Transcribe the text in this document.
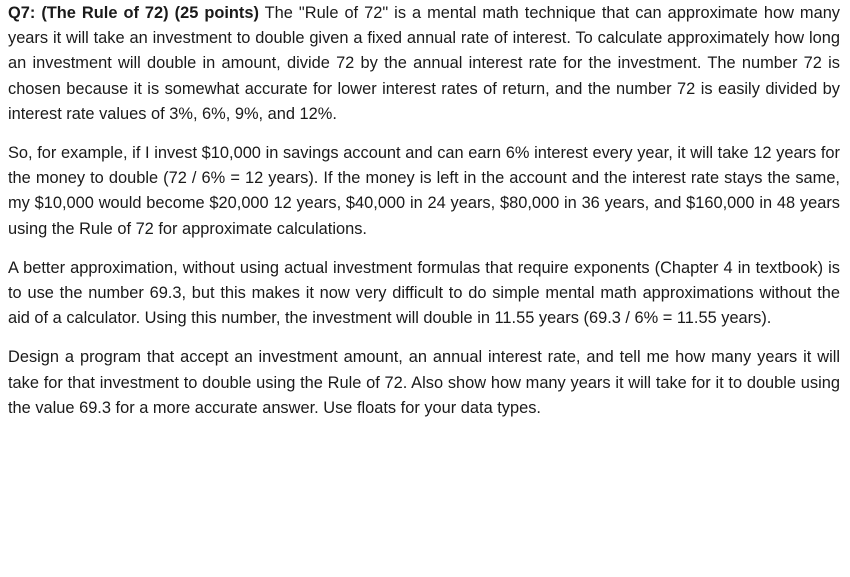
Q7: (The Rule of 72) (25 points) The "Rule of 72" is a mental math technique that can approximate how many years it will take an investment to double given a fixed annual rate of interest. To calculate approximately how long an investment will double in amount, divide 72 by the annual interest rate for the investment. The number 72 is chosen because it is somewhat accurate for lower interest rates of return, and the number 72 is easily divided by interest rate values of 3%, 6%, 9%, and 12%.

So, for example, if I invest $10,000 in savings account and can earn 6% interest every year, it will take 12 years for the money to double (72 / 6% = 12 years). If the money is left in the account and the interest rate stays the same, my $10,000 would become $20,000 12 years, $40,000 in 24 years, $80,000 in 36 years, and $160,000 in 48 years using the Rule of 72 for approximate calculations.

A better approximation, without using actual investment formulas that require exponents (Chapter 4 in textbook) is to use the number 69.3, but this makes it now very difficult to do simple mental math approximations without the aid of a calculator. Using this number, the investment will double in 11.55 years (69.3 / 6% = 11.55 years).

Design a program that accept an investment amount, an annual interest rate, and tell me how many years it will take for that investment to double using the Rule of 72. Also show how many years it will take for it to double using the value 69.3 for a more accurate answer. Use floats for your data types.
